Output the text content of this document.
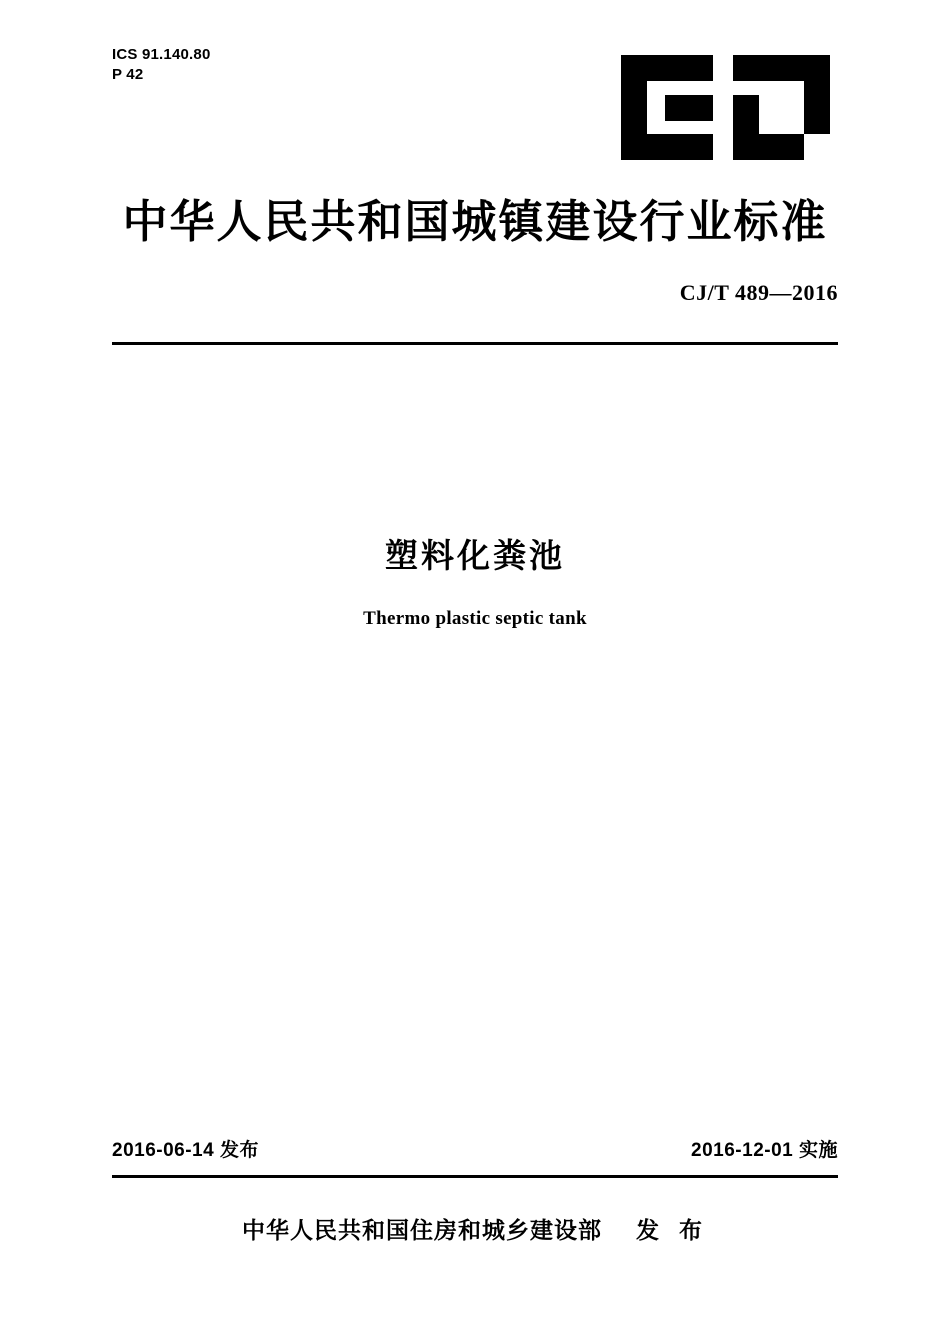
ICS 91.140.80
P 42
中华人民共和国城镇建设行业标准
CJ/T 489—2016
塑料化粪池
Thermo plastic septic tank
2016-06-14 发布	2016-12-01 实施
中华人民共和国住房和城乡建设部 发 布
